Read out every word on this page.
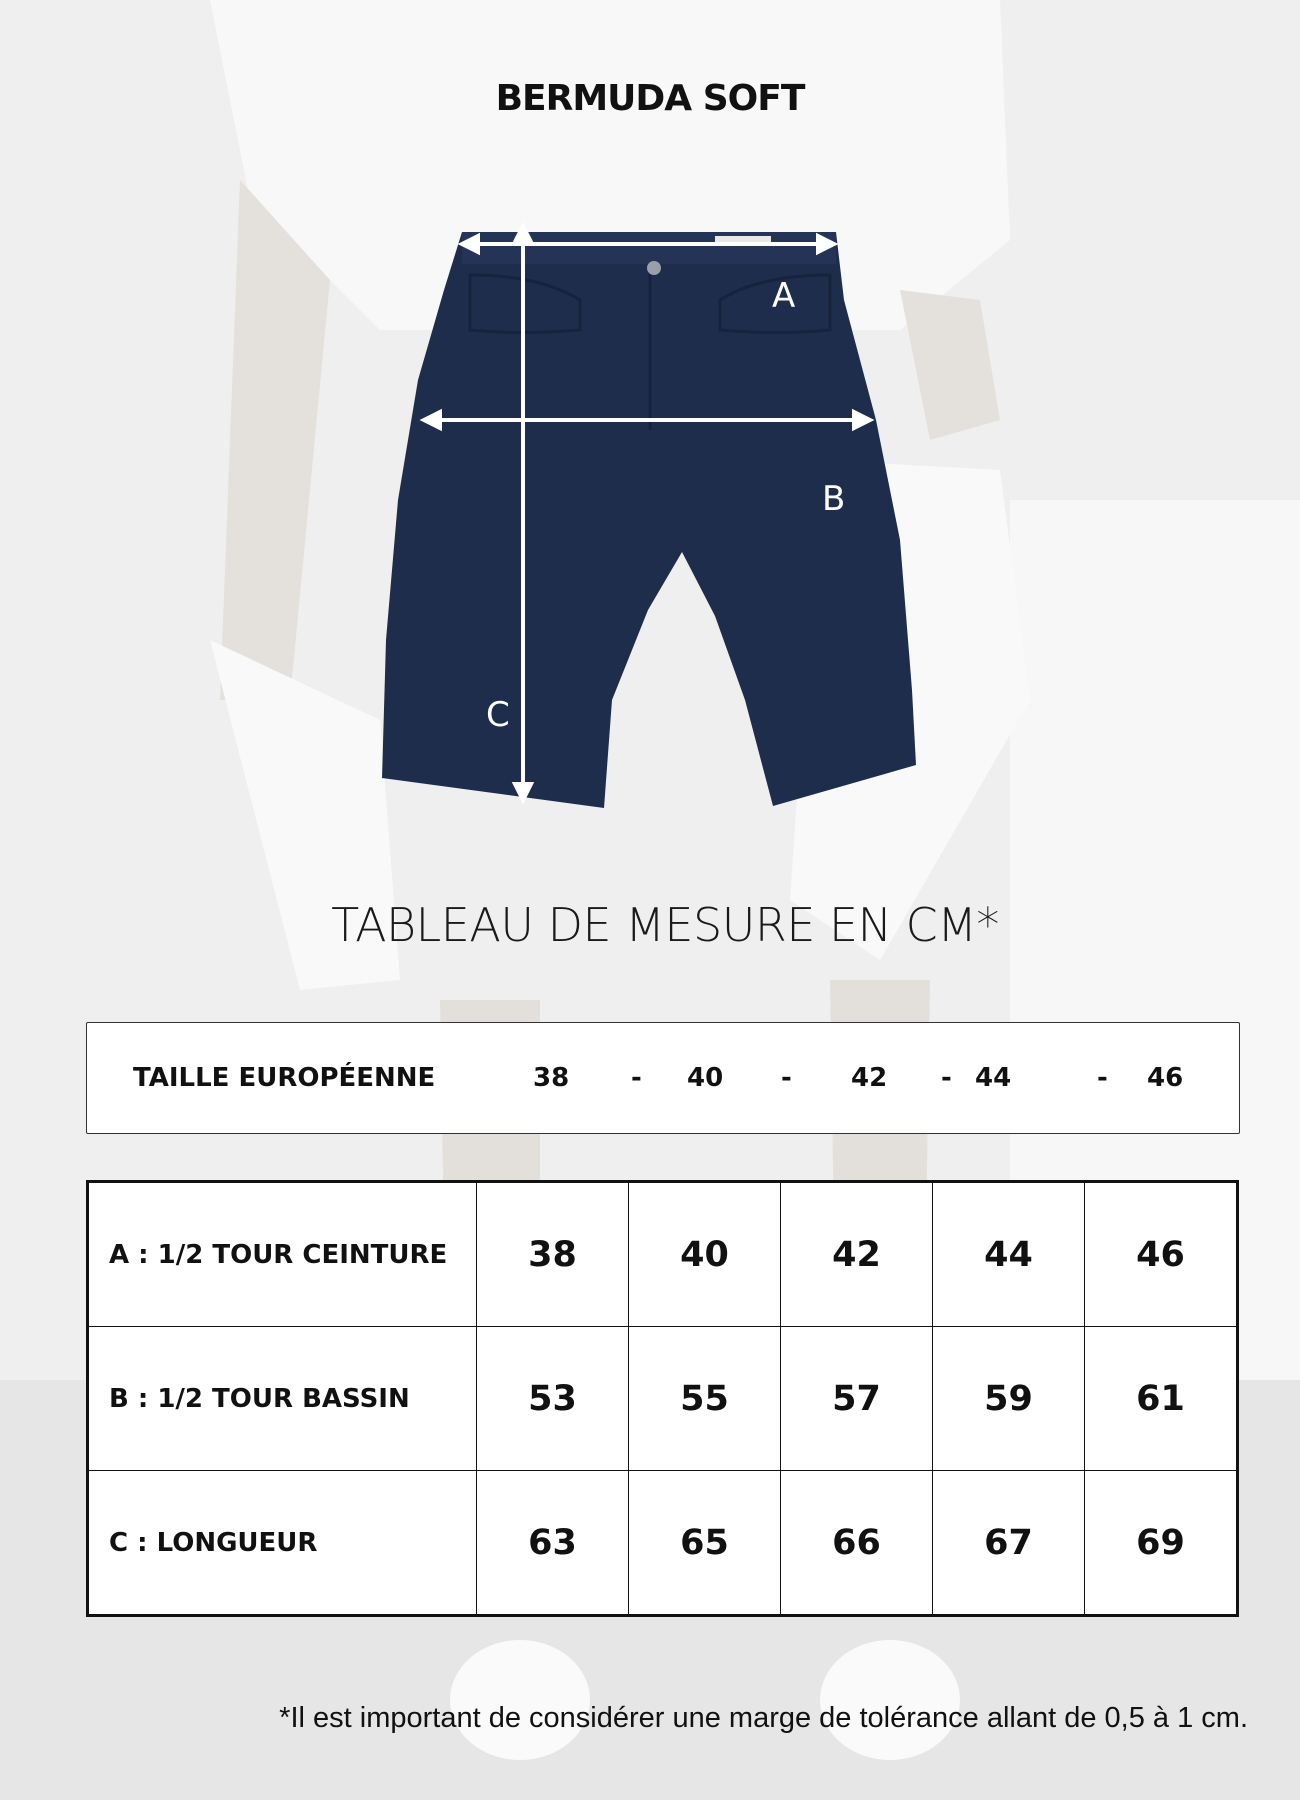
BERMUDA SOFT
A
B
C
TABLEAU DE MESURE EN CM*
TAILLE EUROPÉENNE	38 - 40 - 42 - 44	- 46
A : 1/2 TOUR CEINTURE	38	40	42	44	46
B : 1/2 TOUR BASSIN	53	55	57	59	61
C : LONGUEUR	63	65	66	67	69
*Il est important de considérer une marge de tolérance allant de 0,5 à 1 cm.
